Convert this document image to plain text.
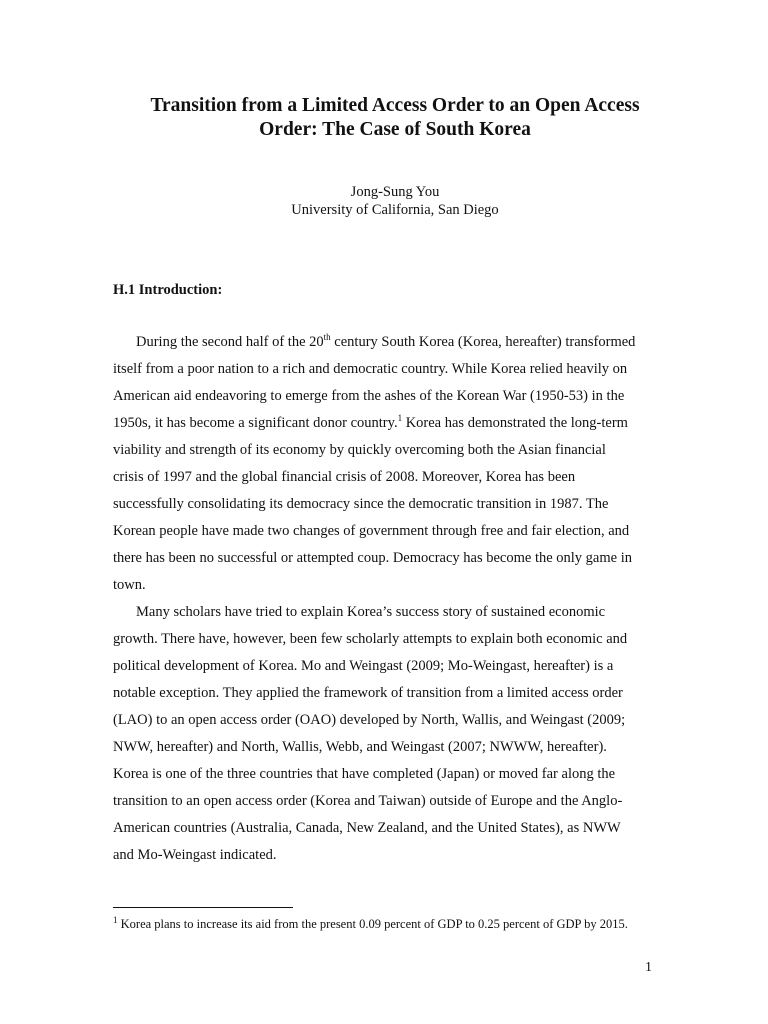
Transition from a Limited Access Order to an Open Access
Order: The Case of South Korea
Jong-Sung You
University of California, San Diego
H.1 Introduction:
During the second half of the 20th century South Korea (Korea, hereafter) transformed
itself from a poor nation to a rich and democratic country. While Korea relied heavily on
American aid endeavoring to emerge from the ashes of the Korean War (1950-53) in the
1950s, it has become a significant donor country.$^1$ Korea has demonstrated the long-term
viability and strength of its economy by quickly overcoming both the Asian financial
crisis of 1997 and the global financial crisis of 2008. Moreover, Korea has been
successfully consolidating its democracy since the democratic transition in 1987. The
Korean people have made two changes of government through free and fair election, and
there has been no successful or attempted coup. Democracy has become the only game in
town.
Many scholars have tried to explain Korea’s success story of sustained economic
growth. There have, however, been few scholarly attempts to explain both economic and
political development of Korea. Mo and Weingast (2009; Mo-Weingast, hereafter) is a
notable exception. They applied the framework of transition from a limited access order
(LAO) to an open access order (OAO) developed by North, Wallis, and Weingast (2009;
NWW, hereafter) and North, Wallis, Webb, and Weingast (2007; NWWW, hereafter).
Korea is one of the three countries that have completed (Japan) or moved far along the
transition to an open access order (Korea and Taiwan) outside of Europe and the Anglo-
American countries (Australia, Canada, New Zealand, and the United States), as NWW
and Mo-Weingast indicated.
$^1$ Korea plans to increase its aid from the present 0.09 percent of GDP to 0.25 percent of GDP by 2015.
1
